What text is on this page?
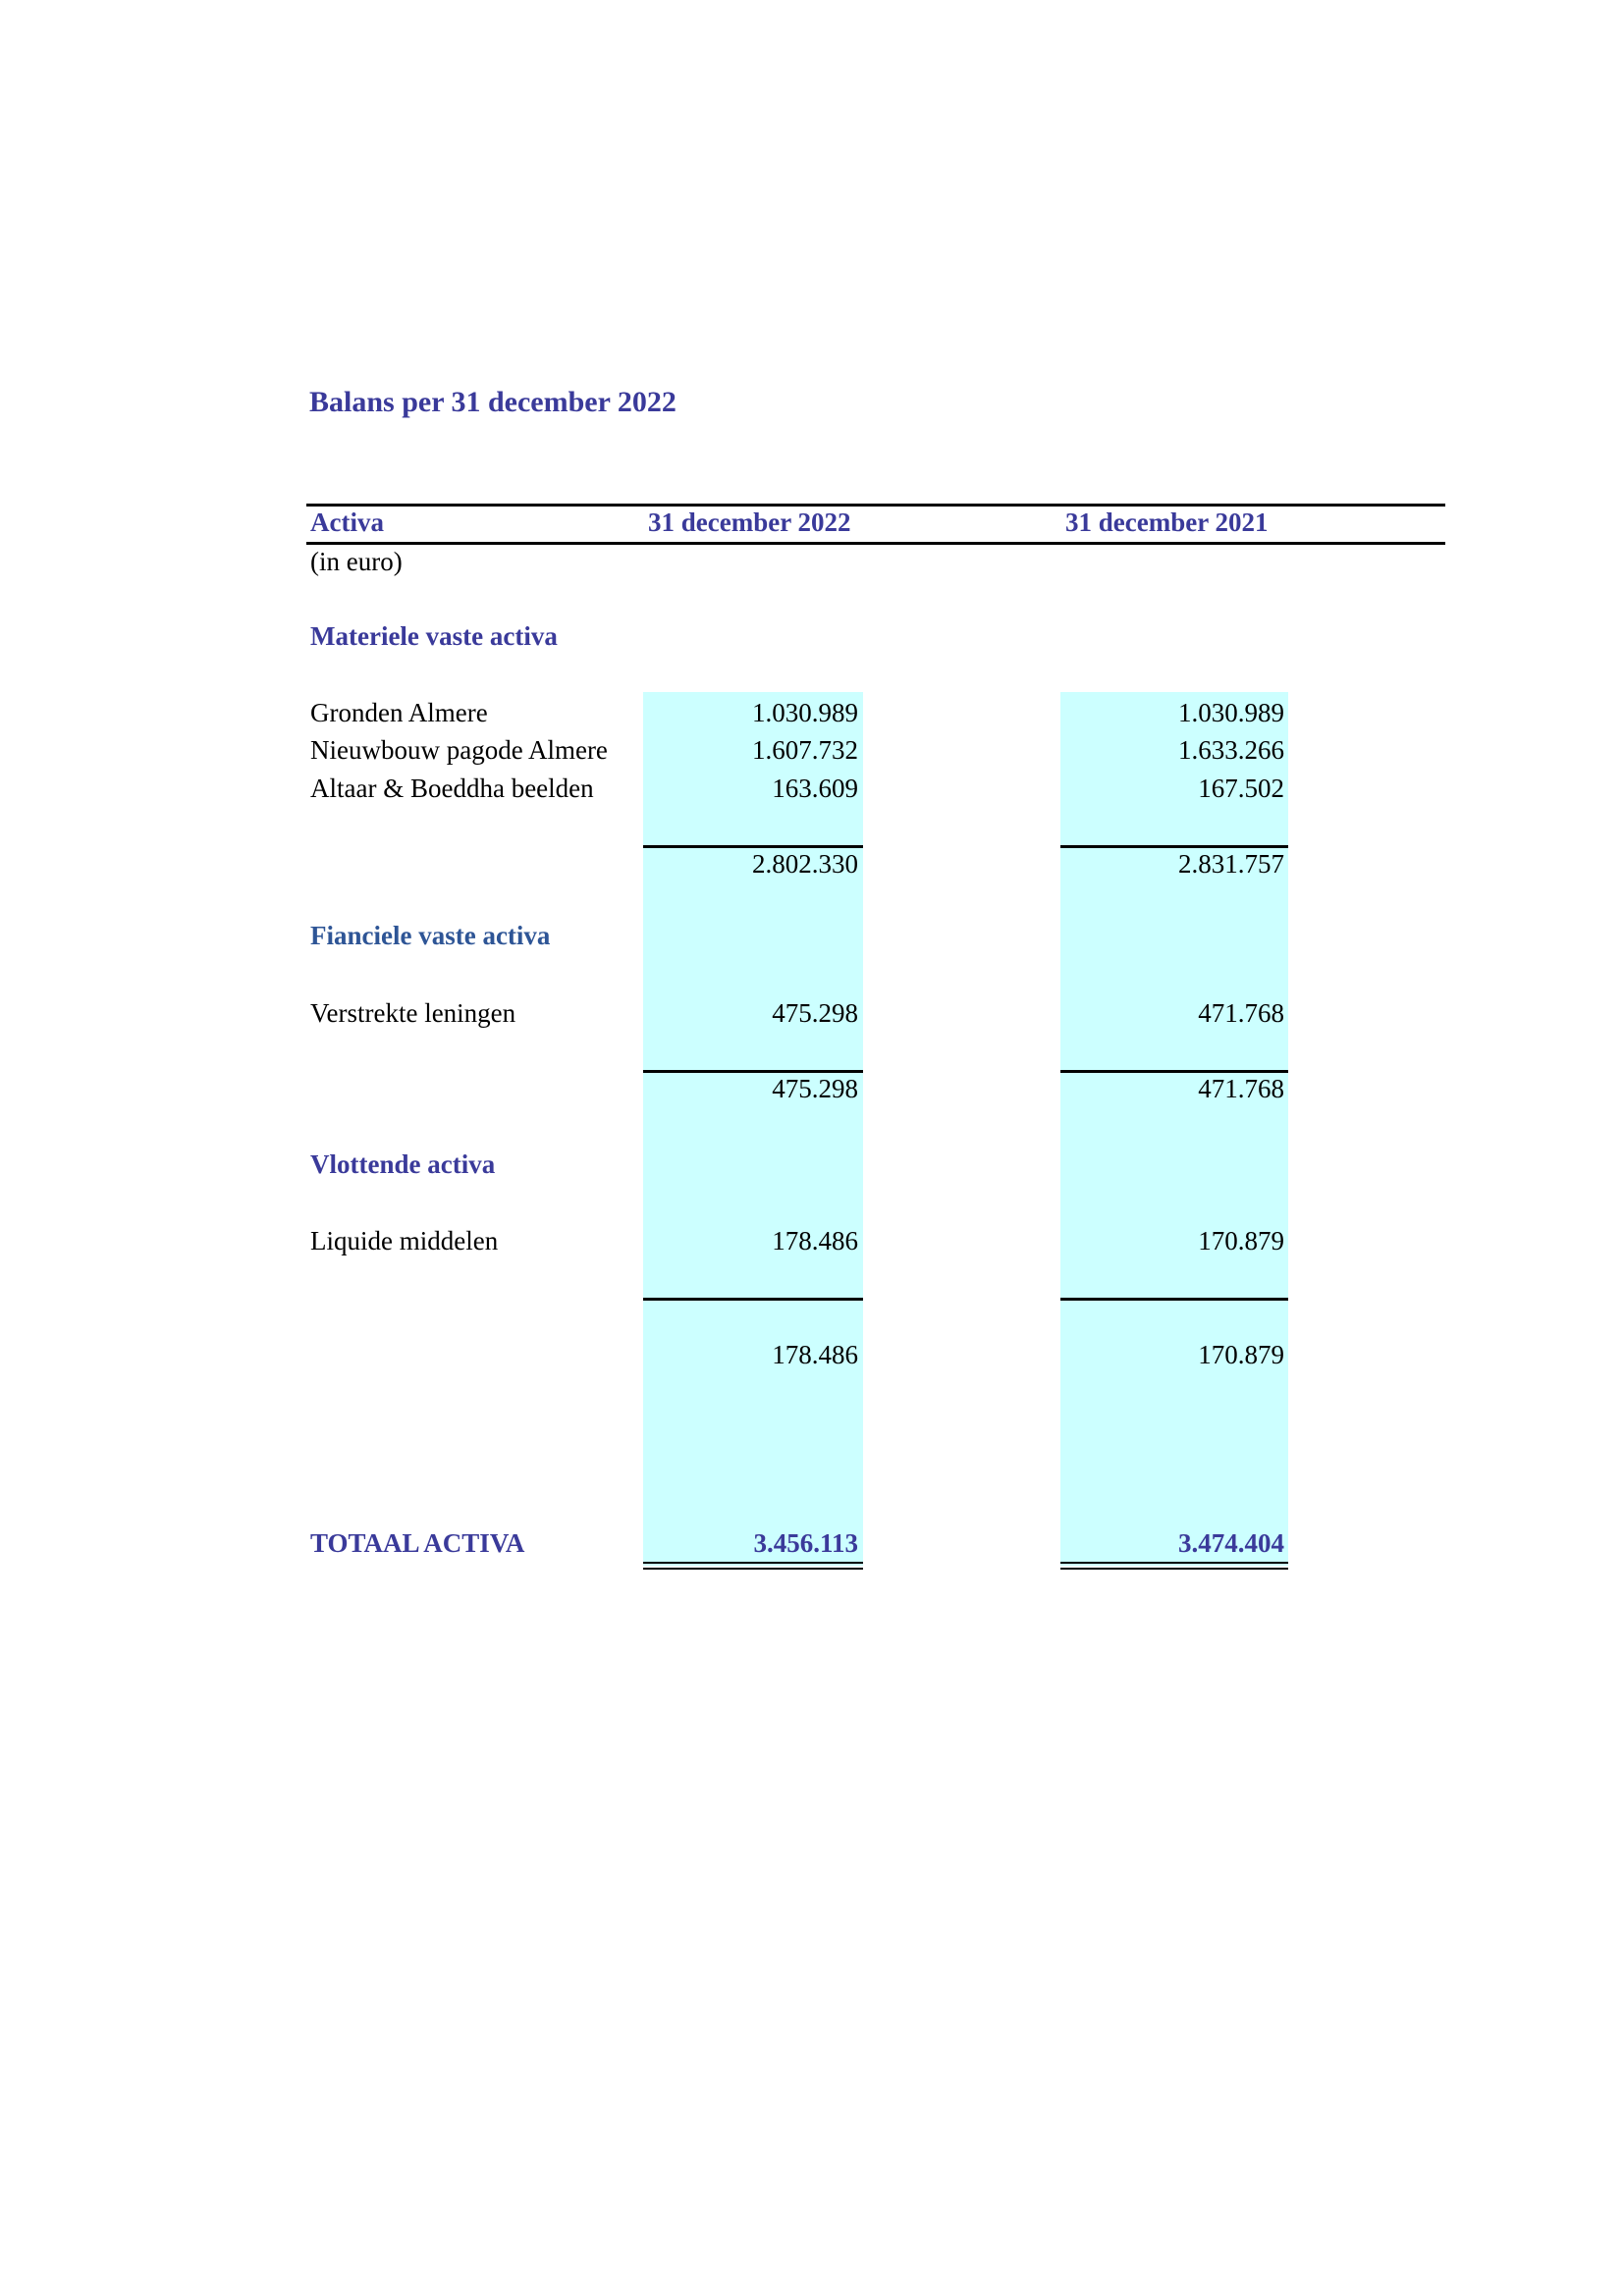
Balans per 31 december 2022
Activa	31 december 2022	31 december 2021
(in euro)
Materiele vaste activa
Gronden Almere	1.030.989	1.030.989
Nieuwbouw pagode Almere	1.607.732	1.633.266
Altaar & Boeddha beelden	163.609	167.502
2.802.330	2.831.757
Fianciele vaste activa
Verstrekte leningen	475.298	471.768
475.298	471.768
Vlottende activa
Liquide middelen	178.486	170.879
178.486	170.879
TOTAAL ACTIVA	3.456.113	3.474.404
